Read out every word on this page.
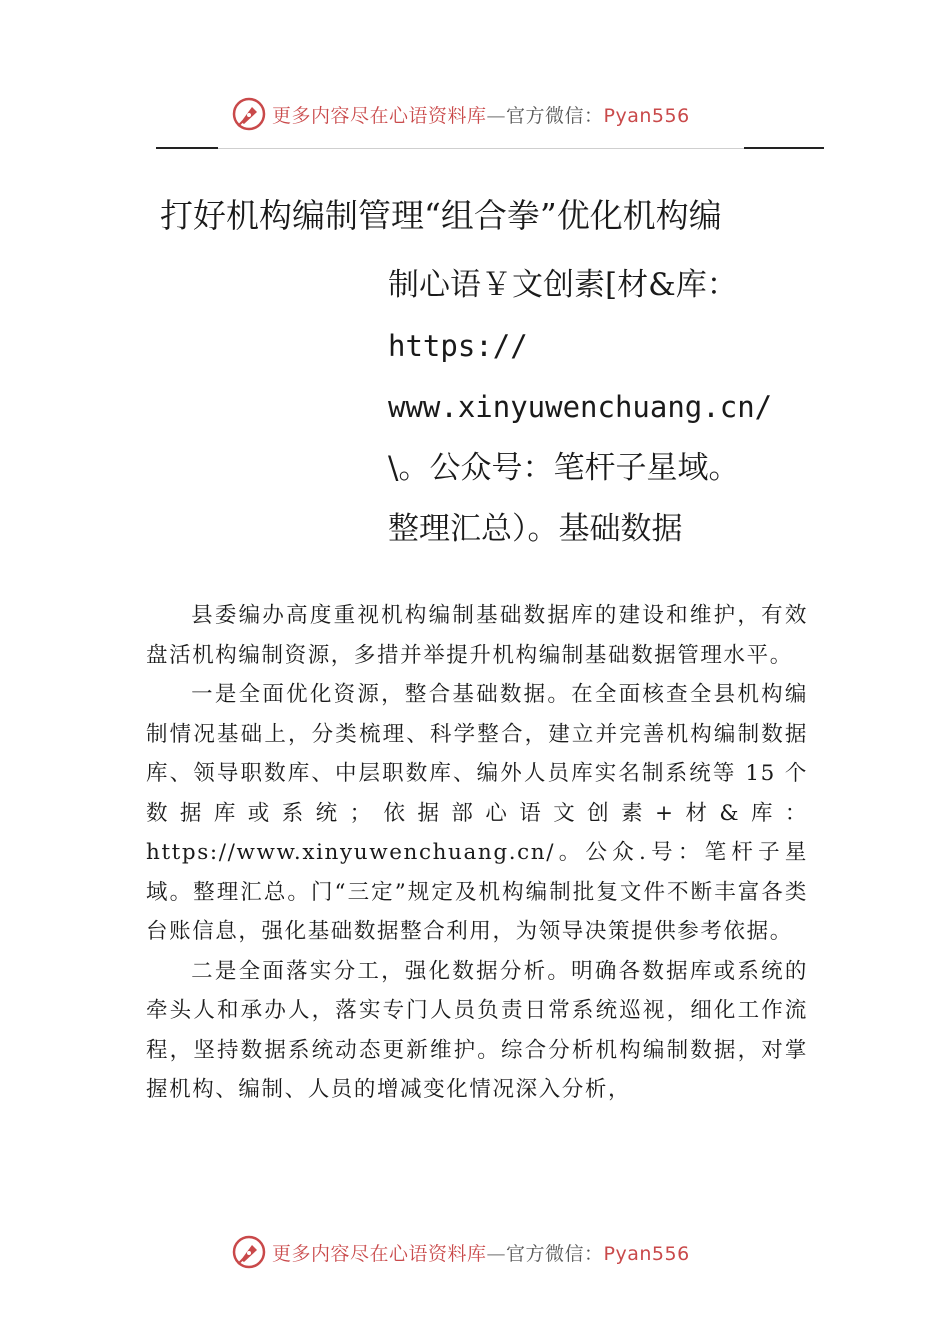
更多内容尽在心语资料库—官方微信：Pyan556
打好机构编制管理“组合拳”优化机构编
制心语￥文创素[材&库：
https://
www.xinyuwenchuang.cn/
\。公众号：笔杆子星域。
整理汇总）。基础数据

县委编办高度重视机构编制基础数据库的建设和维护，有效盘活机构编制资源，多措并举提升机构编制基础数据管理水平。

一是全面优化资源，整合基础数据。在全面核查全县机构编制情况基础上，分类梳理、科学整合，建立并完善机构编制数据库、领导职数库、中层职数库、编外人员库实名制系统等 15 个数据库或系统；依据部心语文创素+材&库：https://www.xinyuwenchuang.cn/。公众.号：笔杆子星域。整理汇总。门“三定”规定及机构编制批复文件不断丰富各类台账信息，强化基础数据整合利用，为领导决策提供参考依据。

二是全面落实分工，强化数据分析。明确各数据库或系统的牵头人和承办人，落实专门人员负责日常系统巡视，细化工作流程，坚持数据系统动态更新维护。综合分析机构编制数据，对掌握机构、编制、人员的增减变化情况深入分析，

更多内容尽在心语资料库—官方微信：Pyan556
